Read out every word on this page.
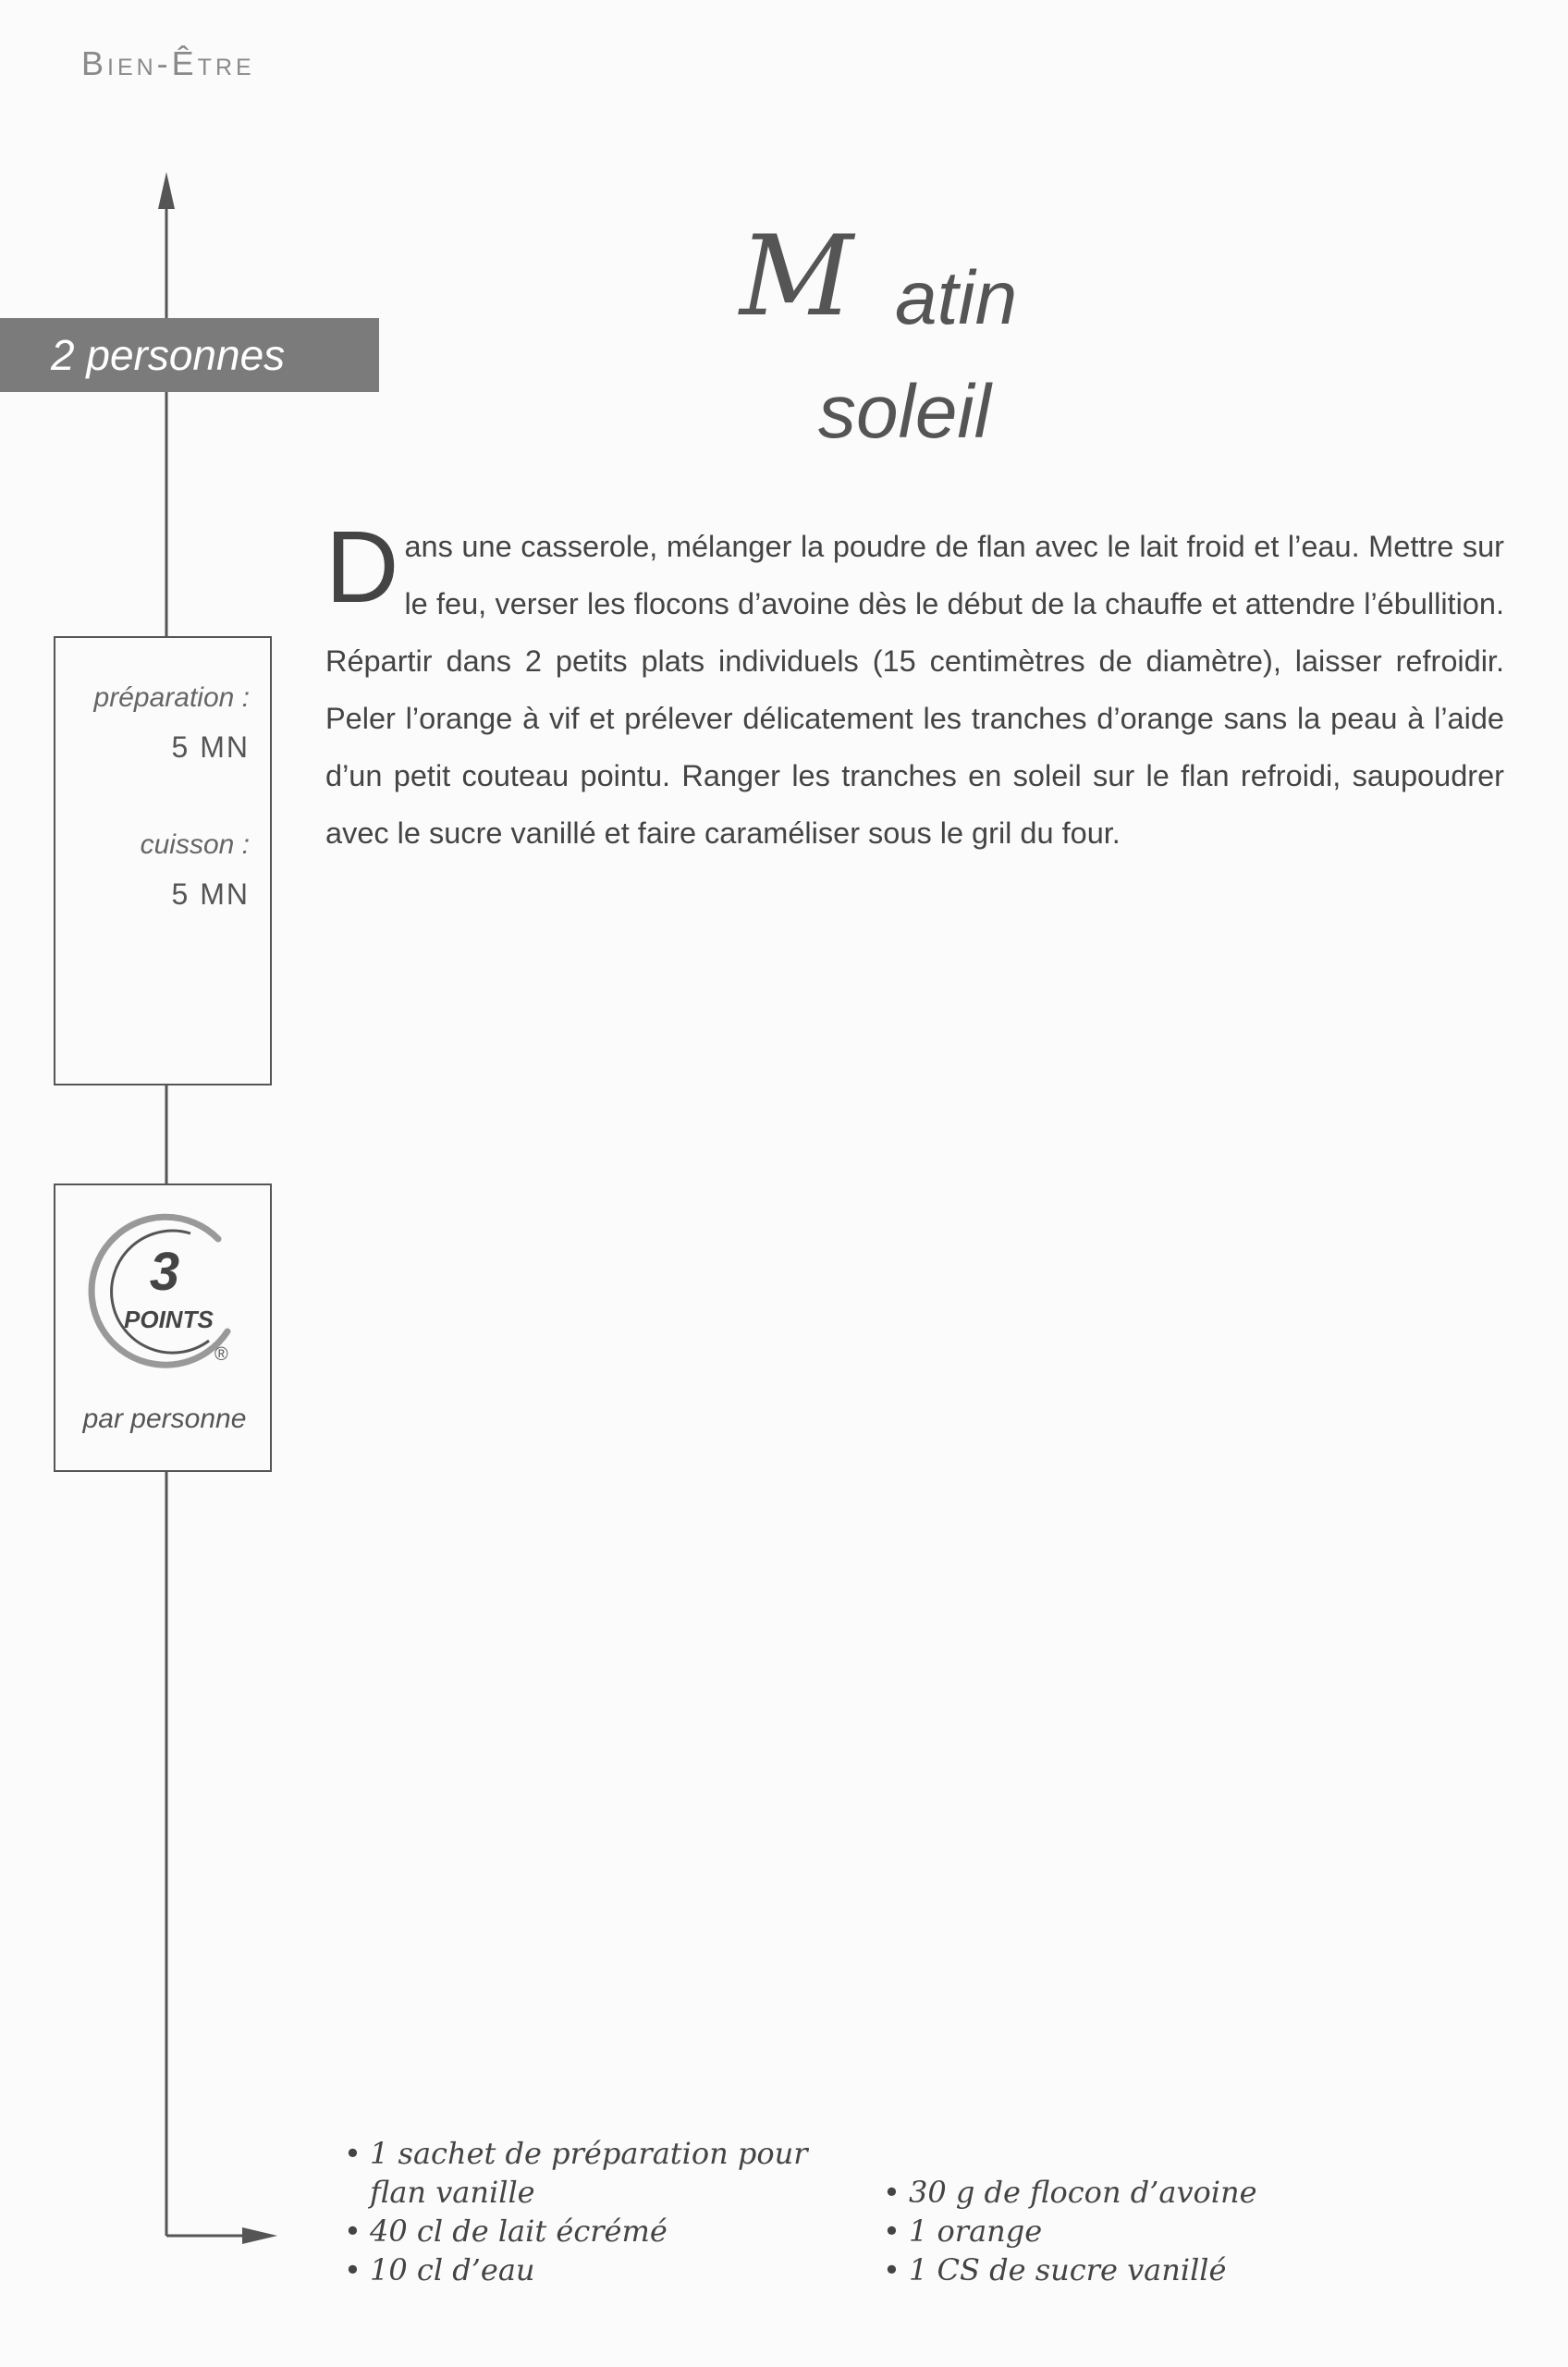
Bien-Être
2 personnes
M atin
soleil
préparation :
5 MN
cuisson :
5 MN
3
POINTS
®
par personne
Dans une casserole, mélanger la poudre de flan avec le lait froid et l’eau. Mettre sur le feu, verser les flocons d’avoine dès le début de la chauffe et attendre l’ébullition. Répartir dans 2 petits plats individuels (15 centimètres de diamètre), laisser refroidir. Peler l’orange à vif et prélever délicatement les tranches d’orange sans la peau à l’aide d’un petit couteau pointu. Ranger les tranches en soleil sur le flan refroidi, saupoudrer avec le sucre vanillé et faire caraméliser sous le gril du four.
• 1 sachet de préparation pour flan vanille
• 40 cl de lait écrémé
• 10 cl d’eau
• 30 g de flocon d’avoine
• 1 orange
• 1 CS de sucre vanillé
